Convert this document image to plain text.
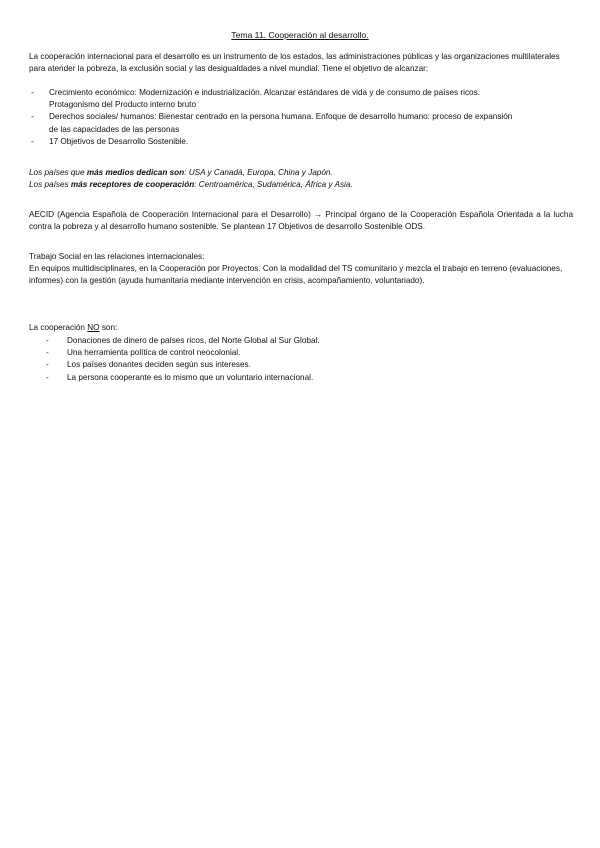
Tema 11. Cooperación al desarrollo.
La cooperación internacional para el desarrollo es un instrumento de los estados, las administraciones públicas y las organizaciones multilaterales para atender la pobreza, la exclusión social y las desigualdades a nivel mundial. Tiene el objetivo de alcanzar:
- Crecimiento económico: Modernización e industrialización. Alcanzar estándares de vida y de consumo de países ricos.
Protagonismo del Producto interno bruto
- Derechos sociales/ humanos: Bienestar centrado en la persona humana. Enfoque de desarrollo humano: proceso de expansión
de las capacidades de las personas
- 17 Objetivos de Desarrollo Sostenible.
Los países que más medios dedican son: USA y Canadá, Europa, China y Japón.
Los países más receptores de cooperación: Centroamérica, Sudamérica, África y Asia.
AECID (Agencia Española de Cooperación Internacional para el Desarrollo) → Principal órgano de la Cooperación Española Orientada a la lucha contra la pobreza y al desarrollo humano sostenible. Se plantean 17 Objetivos de desarrollo Sostenible ODS.
Trabajo Social en las relaciones internacionales:
En equipos multidisciplinares, en la Cooperación por Proyectos. Con la modalidad del TS comunitario y mezcla el trabajo en terreno (evaluaciones, informes) con la gestión (ayuda humanitaria mediante intervención en crisis, acompañamiento, voluntariado).
La cooperación NO son:
-	Donaciones de dinero de países ricos, del Norte Global al Sur Global.
-	Una herramienta política de control neocolonial.
-	Los países donantes deciden según sus intereses.
-	La persona cooperante es lo mismo que un voluntario internacional.
